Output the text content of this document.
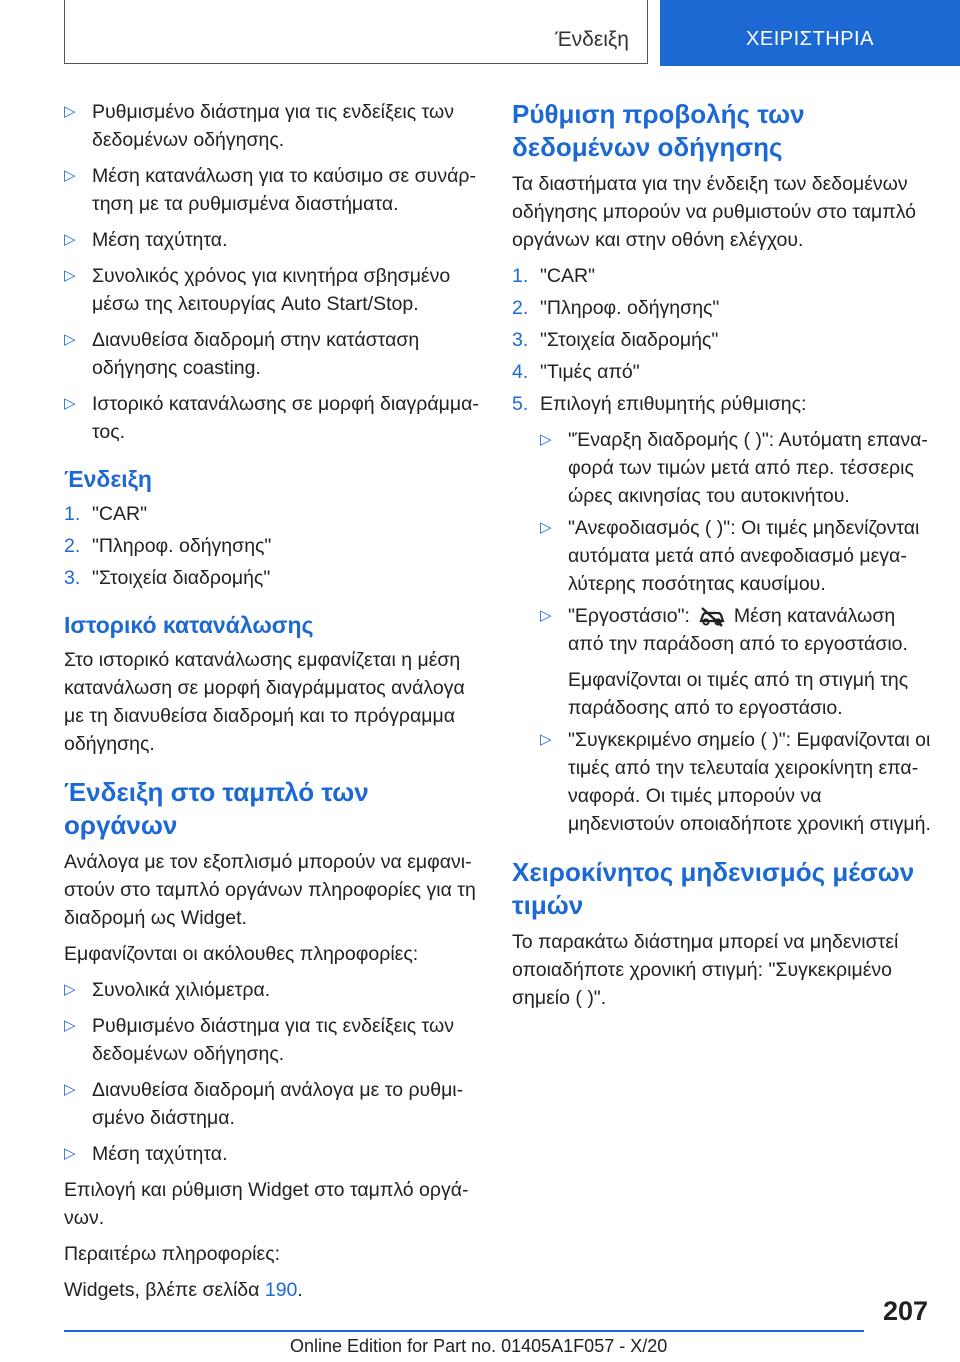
Ένδειξη	ΧΕΙΡΙΣΤΗΡΙΑ
▷ Ρυθμισμένο διάστημα για τις ενδείξεις των δεδομένων οδήγησης.
▷ Μέση κατανάλωση για το καύσιμο σε συνάρτηση με τα ρυθμισμένα διαστήματα.
▷ Μέση ταχύτητα.
▷ Συνολικός χρόνος για κινητήρα σβησμένο μέσω της λειτουργίας Auto Start/Stop.
▷ Διανυθείσα διαδρομή στην κατάσταση οδήγησης coasting.
▷ Ιστορικό κατανάλωσης σε μορφή διαγράμματος.
Ένδειξη
1. "CAR"
2. "Πληροφ. οδήγησης"
3. "Στοιχεία διαδρομής"
Ιστορικό κατανάλωσης

Στο ιστορικό κατανάλωσης εμφανίζεται η μέση κατανάλωση σε μορφή διαγράμματος ανάλογα με τη διανυθείσα διαδρομή και το πρόγραμμα οδήγησης.

Ένδειξη στο ταμπλό των οργάνων

Ανάλογα με τον εξοπλισμό μπορούν να εμφανιστούν στο ταμπλό οργάνων πληροφορίες για τη διαδρομή ως Widget.

Εμφανίζονται οι ακόλουθες πληροφορίες:

▷ Συνολικά χιλιόμετρα.
▷ Ρυθμισμένο διάστημα για τις ενδείξεις των δεδομένων οδήγησης.
▷ Διανυθείσα διαδρομή ανάλογα με το ρυθμισμένο διάστημα.
▷ Μέση ταχύτητα.

Επιλογή και ρύθμιση Widget στο ταμπλό οργάνων.

Περαιτέρω πληροφορίες:

Widgets, βλέπε σελίδα 190.

Ρύθμιση προβολής των δεδομένων οδήγησης

Τα διαστήματα για την ένδειξη των δεδομένων οδήγησης μπορούν να ρυθμιστούν στο ταμπλό οργάνων και στην οθόνη ελέγχου.

1. "CAR"
2. "Πληροφ. οδήγησης"
3. "Στοιχεία διαδρομής"
4. "Τιμές από"
5. Επιλογή επιθυμητής ρύθμισης:
▷ "Έναρξη διαδρομής ( )": Αυτόματη επαναφορά των τιμών μετά από περ. τέσσερις ώρες ακινησίας του αυτοκινήτου.
▷ "Ανεφοδιασμός ( )": Οι τιμές μηδενίζονται αυτόματα μετά από ανεφοδιασμό μεγαλύτερης ποσότητας καυσίμου.
▷ "Εργοστάσιο": Μέση κατανάλωση από την παράδοση από το εργοστάσιο.

Εμφανίζονται οι τιμές από τη στιγμή της παράδοσης από το εργοστάσιο.

▷ "Συγκεκριμένο σημείο ( )": Εμφανίζονται οι τιμές από την τελευταία χειροκίνητη επαναφορά. Οι τιμές μπορούν να μηδενιστούν οποιαδήποτε χρονική στιγμή.
Χειροκίνητος μηδενισμός μέσων τιμών

Το παρακάτω διάστημα μπορεί να μηδενιστεί οποιαδήποτε χρονική στιγμή: "Συγκεκριμένο σημείο ( )".

207
Online Edition for Part no. 01405A1F057 - X/20
